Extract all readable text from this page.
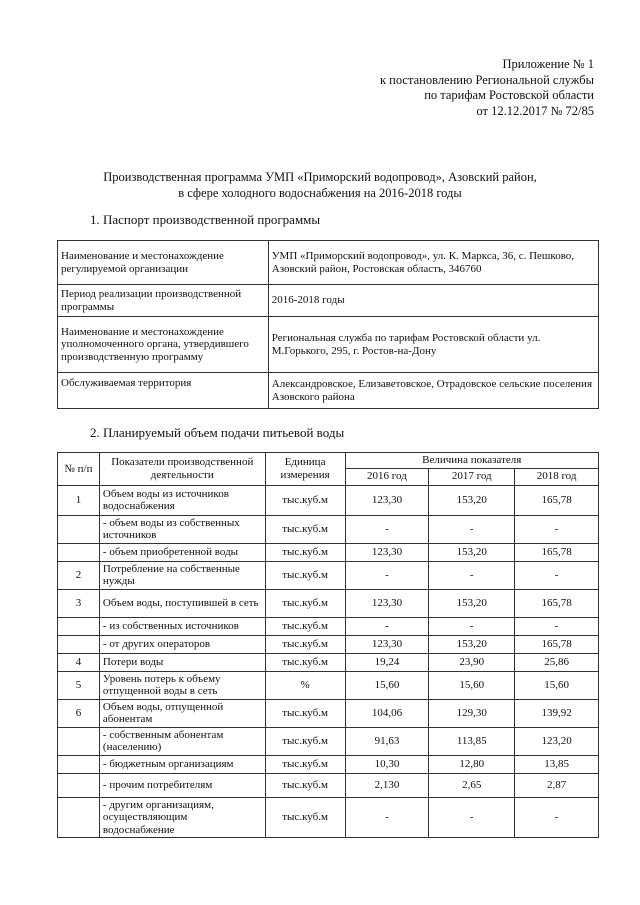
Приложение № 1
к постановлению Региональной службы
по тарифам Ростовской области
от 12.12.2017 № 72/85
Производственная программа УМП «Приморский водопровод», Азовский район,
в сфере холодного водоснабжения на 2016-2018 годы
1. Паспорт производственной программы
Наименование и местонахождение регулируемой организации	УМП «Приморский водопровод», ул. К. Маркса, 36, с. Пешково, Азовский район, Ростовская область, 346760
Период реализации производственной программы	2016-2018 годы
Наименование и местонахождение уполномоченного органа, утвердившего производственную программу	Региональная служба по тарифам Ростовской области ул. М.Горького, 295, г. Ростов-на-Дону
Обслуживаемая территория	Александровское, Елизаветовское, Отрадовское сельские поселения Азовского района
2. Планируемый объем подачи питьевой воды
№ п/п	Показатели производственной деятельности	Единица измерения	Величина показателя		
			2016 год	2017 год	2018 год
1	Объем воды из источников водоснабжения	тыс.куб.м	123,30	153,20	165,78
	- объем воды из собственных источников	тыс.куб.м	-	-	-
	- объем приобретенной воды	тыс.куб.м	123,30	153,20	165,78
2	Потребление на собственные нужды	тыс.куб.м	-	-	-
3	Объем воды, поступившей в сеть	тыс.куб.м	123,30	153,20	165,78
	- из собственных источников	тыс.куб.м	-	-	-
	- от других операторов	тыс.куб.м	123,30	153,20	165,78
4	Потери воды	тыс.куб.м	19,24	23,90	25,86
5	Уровень потерь к объему отпущенной воды в сеть	%	15,60	15,60	15,60
6	Объем воды, отпущенной абонентам	тыс.куб.м	104,06	129,30	139,92
	- собственным абонентам (населению)	тыс.куб.м	91,63	113,85	123,20
	- бюджетным организациям	тыс.куб.м	10,30	12,80	13,85
	- прочим потребителям	тыс.куб.м	2,130	2,65	2,87
	- другим организациям, осуществляющим водоснабжение	тыс.куб.м	-	-	-
